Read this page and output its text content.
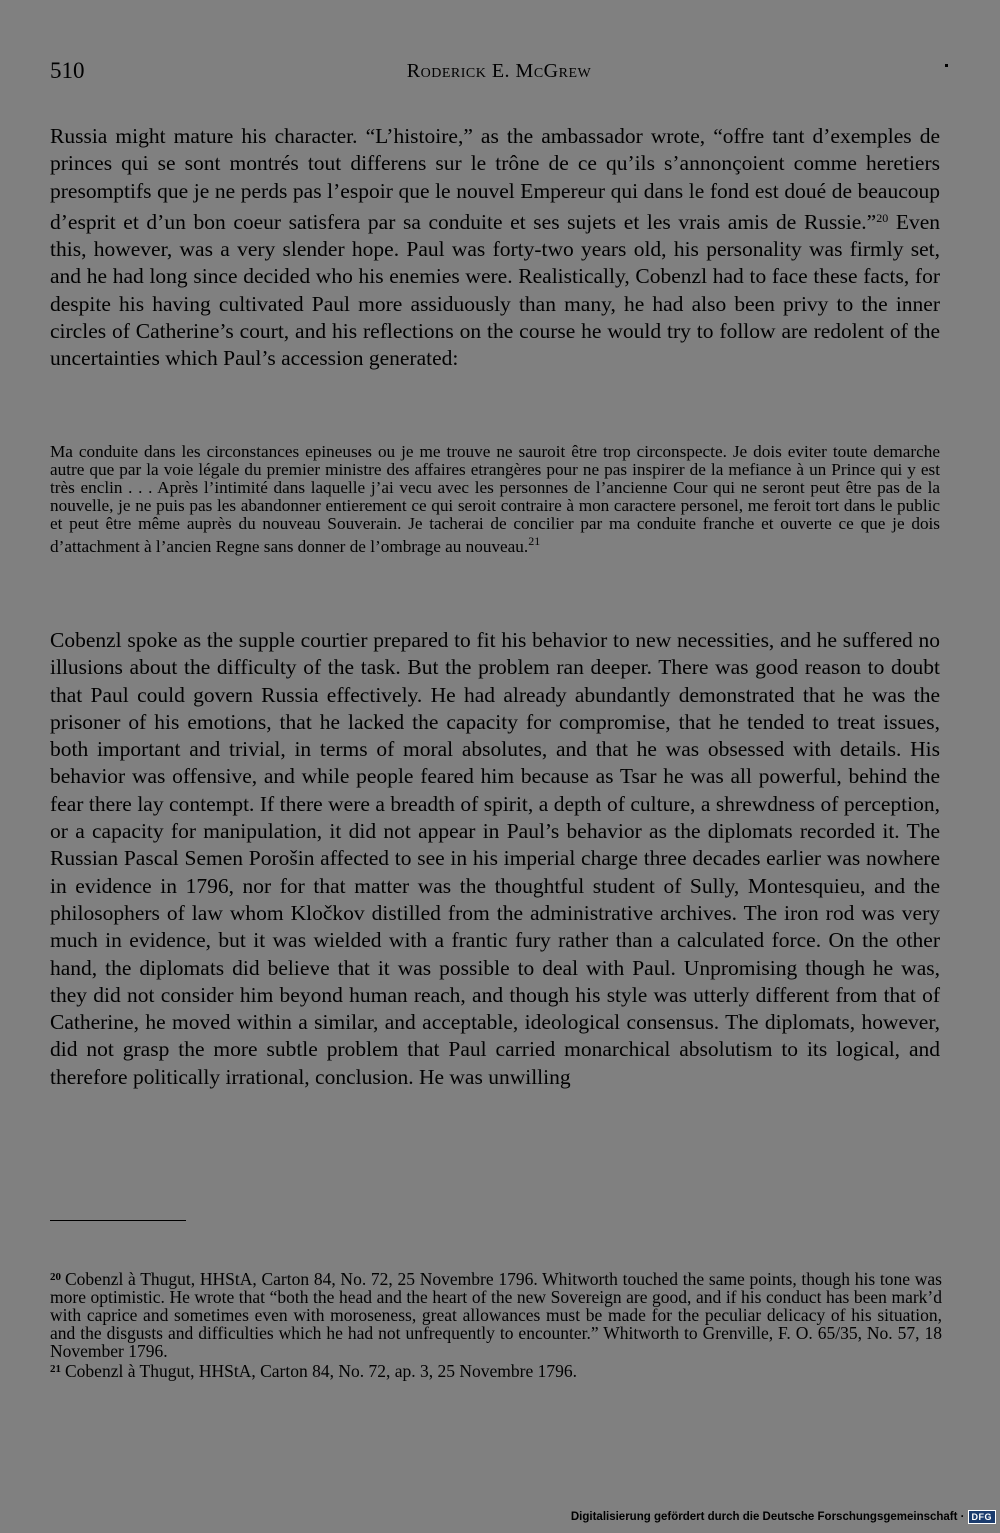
510	Roderick E. McGrew

Russia might mature his character. “L’histoire,” as the ambassador wrote, “offre tant d’exemples de princes qui se sont montrés tout differens sur le trône de ce qu’ils s’annonçoient comme heretiers presomptifs que je ne perds pas l’espoir que le nouvel Empereur qui dans le fond est doué de beaucoup d’esprit et d’un bon coeur satisfera par sa conduite et ses sujets et les vrais amis de Russie.”$^{20}$ Even this, however, was a very slender hope. Paul was forty-two years old, his personality was firmly set, and he had long since decided who his enemies were. Realistically, Cobenzl had to face these facts, for despite his having cultivated Paul more assiduously than many, he had also been privy to the inner circles of Catherine’s court, and his reflections on the course he would try to follow are redolent of the uncertainties which Paul’s accession generated:

Ma conduite dans les circonstances epineuses ou je me trouve ne sauroit être trop circonspecte. Je dois eviter toute demarche autre que par la voie légale du premier ministre des affaires etrangères pour ne pas inspirer de la mefiance à un Prince qui y est très enclin . . . Après l’intimité dans laquelle j’ai vecu avec les personnes de l’ancienne Cour qui ne seront peut être pas de la nouvelle, je ne puis pas les abandonner entierement ce qui seroit contraire à mon caractere personel, me feroit tort dans le public et peut être même auprès du nouveau Souverain. Je tacherai de concilier par ma conduite franche et ouverte ce que je dois d’attachment à l’ancien Regne sans donner de l’ombrage au nouveau.$^{21}$

Cobenzl spoke as the supple courtier prepared to fit his behavior to new necessities, and he suffered no illusions about the difficulty of the task. But the problem ran deeper. There was good reason to doubt that Paul could govern Russia effectively. He had already abundantly demonstrated that he was the prisoner of his emotions, that he lacked the capacity for compromise, that he tended to treat issues, both important and trivial, in terms of moral absolutes, and that he was obsessed with details. His behavior was offensive, and while people feared him because as Tsar he was all powerful, behind the fear there lay contempt. If there were a breadth of spirit, a depth of culture, a shrewdness of perception, or a capacity for manipulation, it did not appear in Paul’s behavior as the diplomats recorded it. The Russian Pascal Semen Porošin affected to see in his imperial charge three decades earlier was nowhere in evidence in 1796, nor for that matter was the thoughtful student of Sully, Montesquieu, and the philosophers of law whom Kločkov distilled from the administrative archives. The iron rod was very much in evidence, but it was wielded with a frantic fury rather than a calculated force. On the other hand, the diplomats did believe that it was possible to deal with Paul. Unpromising though he was, they did not consider him beyond human reach, and though his style was utterly different from that of Catherine, he moved within a similar, and acceptable, ideological consensus. The diplomats, however, did not grasp the more subtle problem that Paul carried monarchical absolutism to its logical, and therefore politically irrational, conclusion. He was unwilling

$^{20}$ Cobenzl à Thugut, HHStA, Carton 84, No. 72, 25 Novembre 1796. Whitworth touched the same points, though his tone was more optimistic. He wrote that “both the head and the heart of the new Sovereign are good, and if his conduct has been mark’d with caprice and sometimes even with moroseness, great allowances must be made for the peculiar delicacy of his situation, and the disgusts and difficulties which he had not unfrequently to encounter.” Whitworth to Grenville, F. O. 65/35, No. 57, 18 November 1796.

$^{21}$ Cobenzl à Thugut, HHStA, Carton 84, No. 72, ap. 3, 25 Novembre 1796.

Digitalisierung gefördert durch die Deutsche Forschungsgemeinschaft · DFG
